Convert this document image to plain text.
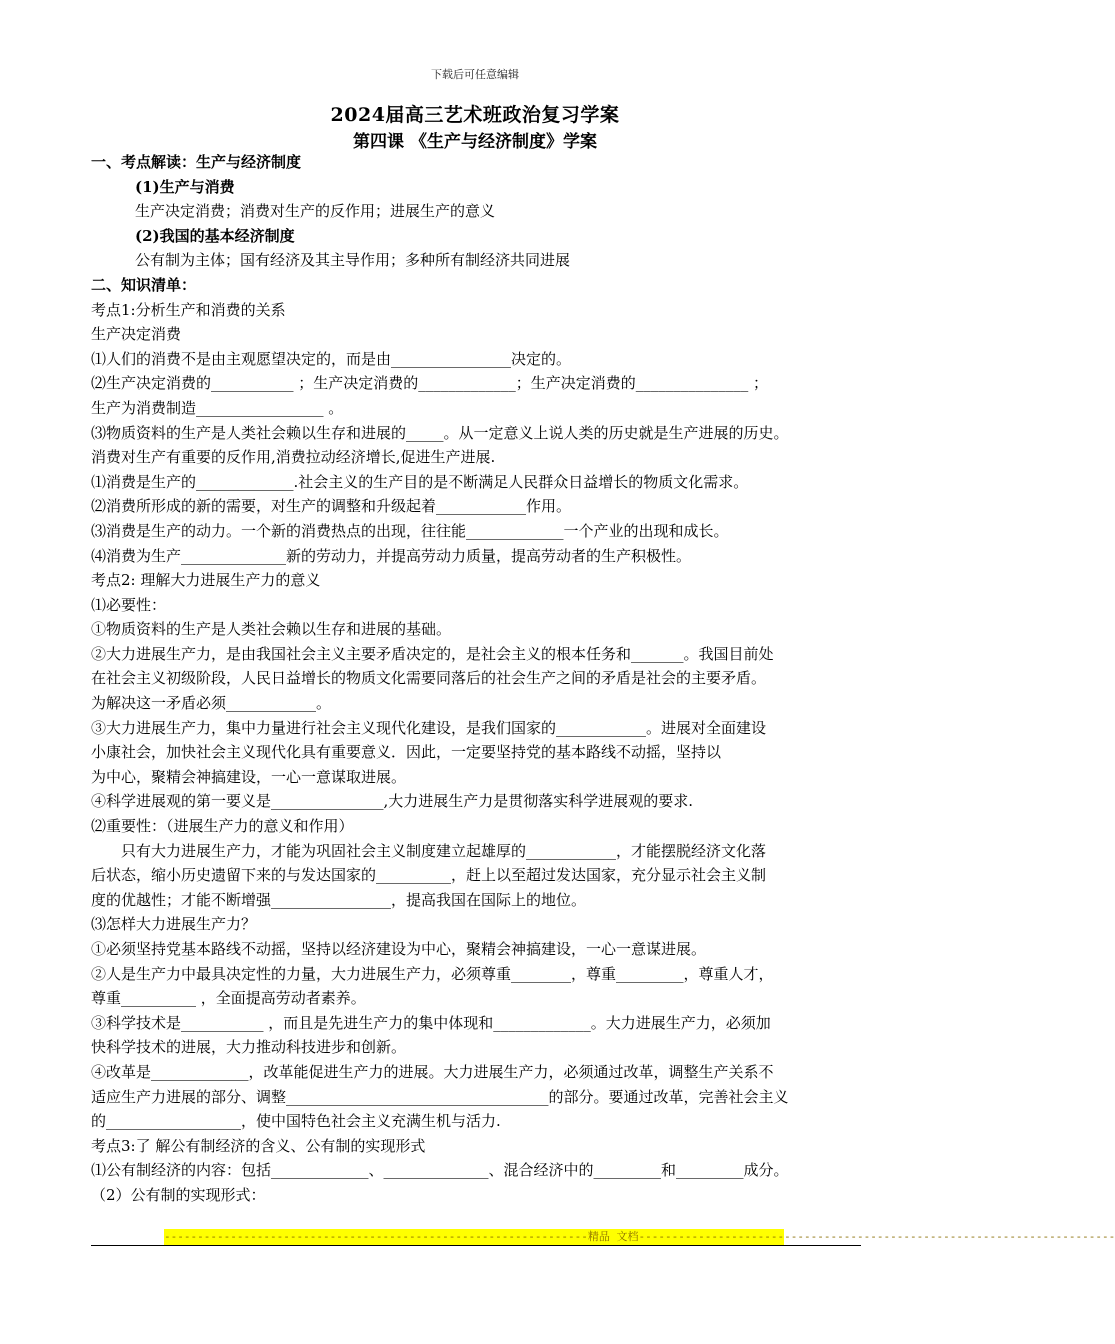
下载后可任意编辑
2024届高三艺术班政治复习学案
第四课 《生产与经济制度》学案
一、考点解读：生产与经济制度
(1)生产与消费
生产决定消费；消费对生产的反作用；进展生产的意义
(2)我国的基本经济制度
公有制为主体；国有经济及其主导作用；多种所有制经济共同进展
二、知识清单：
考点1:分析生产和消费的关系
生产决定消费
⑴人们的消费不是由主观愿望决定的，而是由________________决定的。
⑵生产决定消费的___________ ；生产决定消费的_____________；生产决定消费的_______________ ；
生产为消费制造_________________ 。
⑶物质资料的生产是人类社会赖以生存和进展的_____。从一定意义上说人类的历史就是生产进展的历史。
消费对生产有重要的反作用,消费拉动经济增长,促进生产进展.
⑴消费是生产的_____________.社会主义的生产目的是不断满足人民群众日益增长的物质文化需求。
⑵消费所形成的新的需要，对生产的调整和升级起着____________作用。
⑶消费是生产的动力。一个新的消费热点的出现，往往能_____________一个产业的出现和成长。
⑷消费为生产______________新的劳动力，并提高劳动力质量，提高劳动者的生产积极性。
考点2: 理解大力进展生产力的意义
⑴必要性：
①物质资料的生产是人类社会赖以生存和进展的基础。
②大力进展生产力，是由我国社会主义主要矛盾决定的，是社会主义的根本任务和_______。我国目前处
在社会主义初级阶段，人民日益增长的物质文化需要同落后的社会生产之间的矛盾是社会的主要矛盾。
为解决这一矛盾必须____________。
③大力进展生产力，集中力量进行社会主义现代化建设，是我们国家的____________。进展对全面建设
小康社会，加快社会主义现代化具有重要意义．因此，一定要坚持党的基本路线不动摇，坚持以
为中心，聚精会神搞建设，一心一意谋取进展。
④科学进展观的第一要义是_______________,大力进展生产力是贯彻落实科学进展观的要求.
⑵重要性：（进展生产力的意义和作用）
只有大力进展生产力，才能为巩固社会主义制度建立起雄厚的____________，才能摆脱经济文化落
后状态，缩小历史遗留下来的与发达国家的__________，赶上以至超过发达国家，充分显示社会主义制
度的优越性；才能不断增强________________，提高我国在国际上的地位。
⑶怎样大力进展生产力？
①必须坚持党基本路线不动摇，坚持以经济建设为中心，聚精会神搞建设，一心一意谋进展。
②人是生产力中最具决定性的力量，大力进展生产力，必须尊重________，尊重_________，尊重人才，
尊重__________ ，全面提高劳动者素养。
③科学技术是___________ ，而且是先进生产力的集中体现和_____________。大力进展生产力，必须加
快科学技术的进展，大力推动科技进步和创新。
④改革是_____________，改革能促进生产力的进展。大力进展生产力，必须通过改革，调整生产关系不
适应生产力进展的部分、调整___________________________________的部分。要通过改革，完善社会主义
的__________________，使中国特色社会主义充满生机与活力.
考点3:了 解公有制经济的含义、公有制的实现形式
⑴公有制经济的内容：包括_____________、______________、混合经济中的_________和_________成分。
（2）公有制的实现形式：
----------------------------------------------------------------精品 文档------------------------------------------------------------------------
